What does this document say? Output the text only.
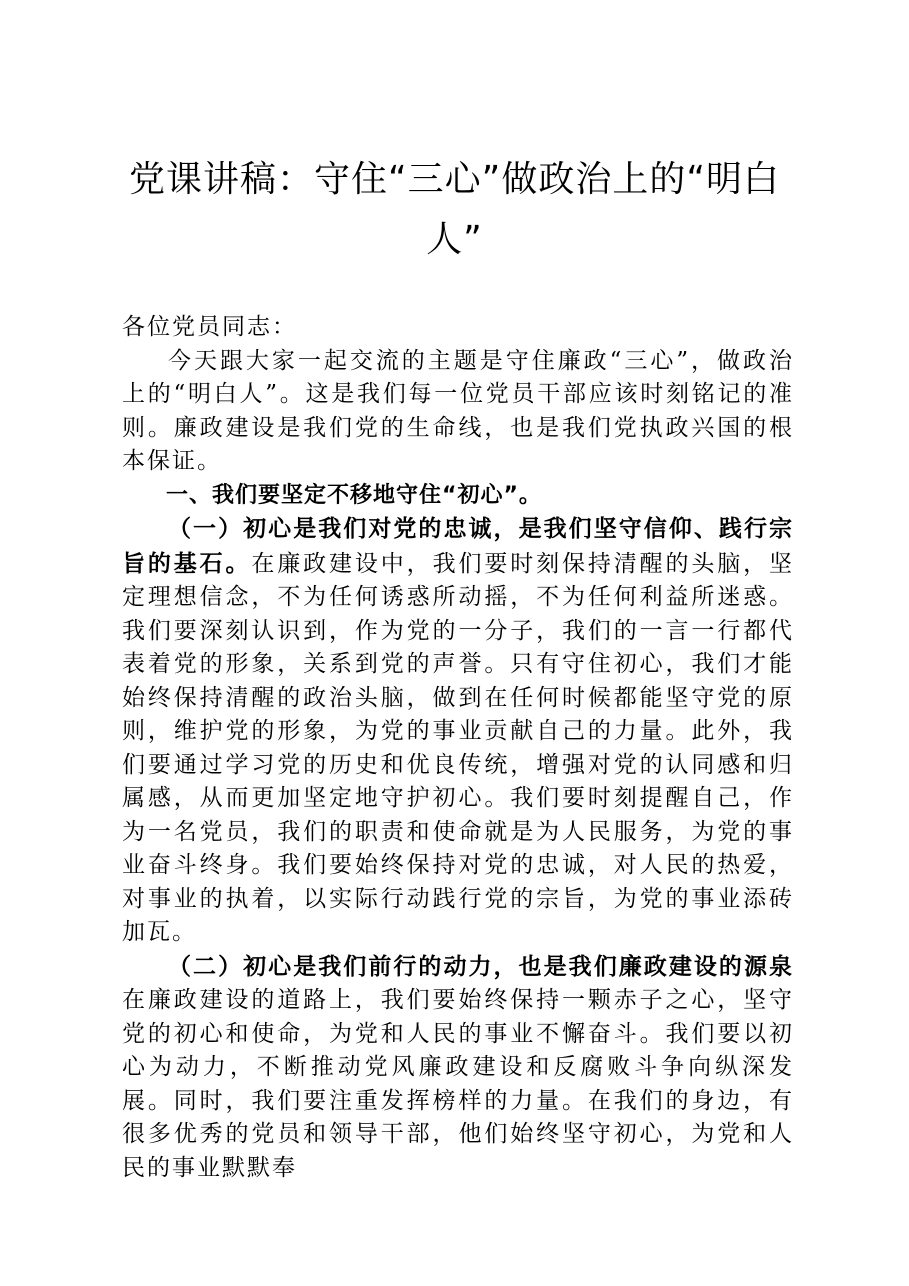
党课讲稿：守住“三心”做政治上的“明白人”

各位党员同志：

今天跟大家一起交流的主题是守住廉政“三心”，做政治上的“明白人”。这是我们每一位党员干部应该时刻铭记的准则。廉政建设是我们党的生命线，也是我们党执政兴国的根本保证。

一、我们要坚定不移地守住“初心”。

（一）初心是我们对党的忠诚，是我们坚守信仰、践行宗旨的基石。在廉政建设中，我们要时刻保持清醒的头脑，坚定理想信念，不为任何诱惑所动摇，不为任何利益所迷惑。我们要深刻认识到，作为党的一分子，我们的一言一行都代表着党的形象，关系到党的声誉。只有守住初心，我们才能始终保持清醒的政治头脑，做到在任何时候都能坚守党的原则，维护党的形象，为党的事业贡献自己的力量。此外，我们要通过学习党的历史和优良传统，增强对党的认同感和归属感，从而更加坚定地守护初心。我们要时刻提醒自己，作为一名党员，我们的职责和使命就是为人民服务，为党的事业奋斗终身。我们要始终保持对党的忠诚，对人民的热爱，对事业的执着，以实际行动践行党的宗旨，为党的事业添砖加瓦。

（二）初心是我们前行的动力，也是我们廉政建设的源泉在廉政建设的道路上，我们要始终保持一颗赤子之心，坚守党的初心和使命，为党和人民的事业不懈奋斗。我们要以初心为动力，不断推动党风廉政建设和反腐败斗争向纵深发展。同时，我们要注重发挥榜样的力量。在我们的身边，有很多优秀的党员和领导干部，他们始终坚守初心，为党和人民的事业默默奉
